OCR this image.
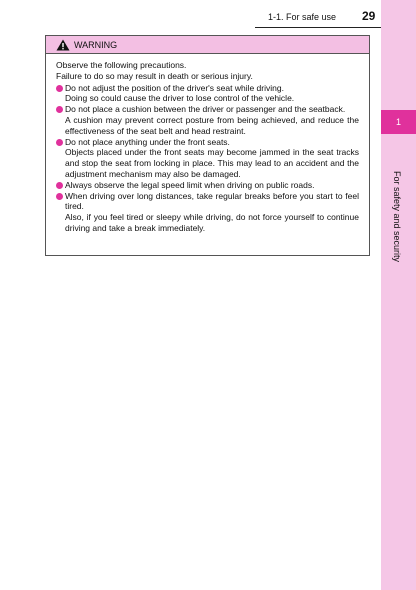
1
For safety and security
1-1. For safe use 29
WARNING

Observe the following precautions.
Failure to do so may result in death or serious injury.

Do not adjust the position of the driver's seat while driving.
Doing so could cause the driver to lose control of the vehicle.
Do not place a cushion between the driver or passenger and the seatback.
A cushion may prevent correct posture from being achieved, and reduce the effectiveness of the seat belt and head restraint.
Do not place anything under the front seats.
Objects placed under the front seats may become jammed in the seat tracks and stop the seat from locking in place. This may lead to an accident and the adjustment mechanism may also be damaged.
Always observe the legal speed limit when driving on public roads.
When driving over long distances, take regular breaks before you start to feel tired.
Also, if you feel tired or sleepy while driving, do not force yourself to continue driving and take a break immediately.
